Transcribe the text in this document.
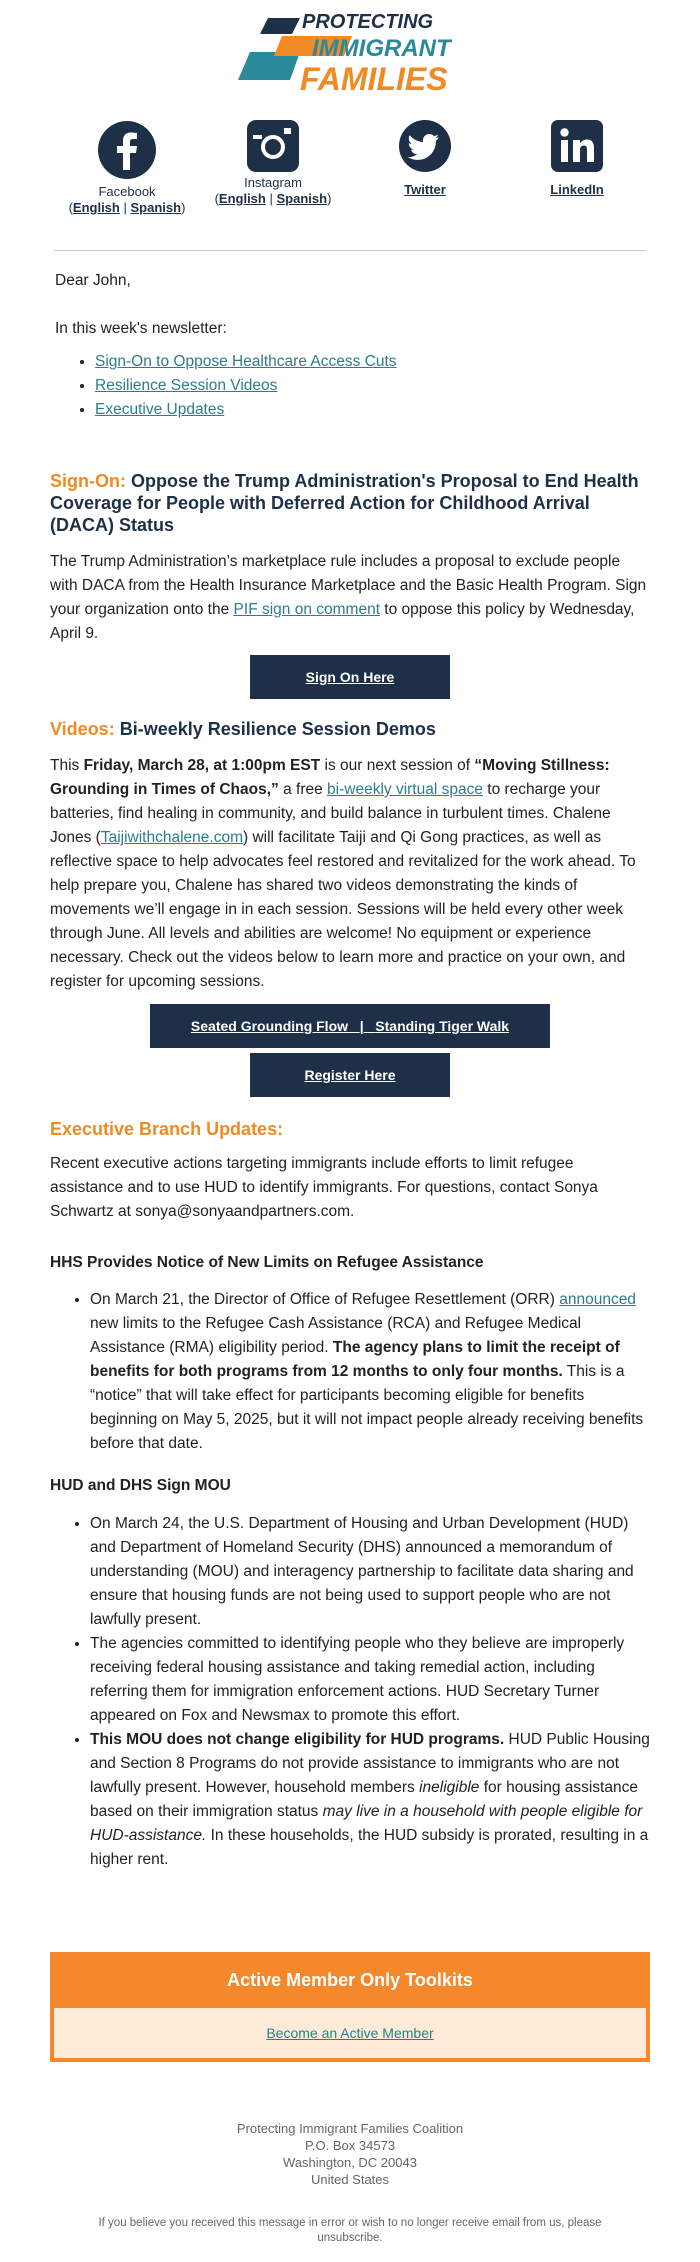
PROTECTING
IMMIGRANT
FAMILIES
Facebook
(English | Spanish)
Instagram
(English | Spanish)
Twitter	LinkedIn
Dear John,
In this week's newsletter:
• Sign-On to Oppose Healthcare Access Cuts
• Resilience Session Videos
• Executive Updates
Sign-On: Oppose the Trump Administration's Proposal to End Health Coverage for People with Deferred Action for Childhood Arrival (DACA) Status
The Trump Administration’s marketplace rule includes a proposal to exclude people with DACA from the Health Insurance Marketplace and the Basic Health Program. Sign your organization onto the PIF sign on comment to oppose this policy by Wednesday, April 9.
Sign On Here
Videos: Bi-weekly Resilience Session Demos
This Friday, March 28, at 1:00pm EST is our next session of “Moving Stillness: Grounding in Times of Chaos,” a free bi-weekly virtual space to recharge your batteries, find healing in community, and build balance in turbulent times. Chalene Jones (Taijiwithchalene.com) will facilitate Taiji and Qi Gong practices, as well as reflective space to help advocates feel restored and revitalized for the work ahead. To help prepare you, Chalene has shared two videos demonstrating the kinds of movements we’ll engage in in each session. Sessions will be held every other week through June. All levels and abilities are welcome! No equipment or experience necessary. Check out the videos below to learn more and practice on your own, and register for upcoming sessions.
Seated Grounding Flow | Standing Tiger Walk
Register Here
Executive Branch Updates:
Recent executive actions targeting immigrants include efforts to limit refugee assistance and to use HUD to identify immigrants. For questions, contact Sonya Schwartz at sonya@sonyaandpartners.com.
HHS Provides Notice of New Limits on Refugee Assistance
• On March 21, the Director of Office of Refugee Resettlement (ORR) announced new limits to the Refugee Cash Assistance (RCA) and Refugee Medical Assistance (RMA) eligibility period. The agency plans to limit the receipt of benefits for both programs from 12 months to only four months. This is a “notice” that will take effect for participants becoming eligible for benefits beginning on May 5, 2025, but it will not impact people already receiving benefits before that date.
HUD and DHS Sign MOU
• On March 24, the U.S. Department of Housing and Urban Development (HUD) and Department of Homeland Security (DHS) announced a memorandum of understanding (MOU) and interagency partnership to facilitate data sharing and ensure that housing funds are not being used to support people who are not lawfully present.
• The agencies committed to identifying people who they believe are improperly receiving federal housing assistance and taking remedial action, including referring them for immigration enforcement actions. HUD Secretary Turner appeared on Fox and Newsmax to promote this effort.
• This MOU does not change eligibility for HUD programs. HUD Public Housing and Section 8 Programs do not provide assistance to immigrants who are not lawfully present. However, household members ineligible for housing assistance based on their immigration status may live in a household with people eligible for HUD-assistance. In these households, the HUD subsidy is prorated, resulting in a higher rent.
Active Member Only Toolkits
Become an Active Member
Protecting Immigrant Families Coalition
P.O. Box 34573
Washington, DC 20043
United States
If you believe you received this message in error or wish to no longer receive email from us, please unsubscribe.
